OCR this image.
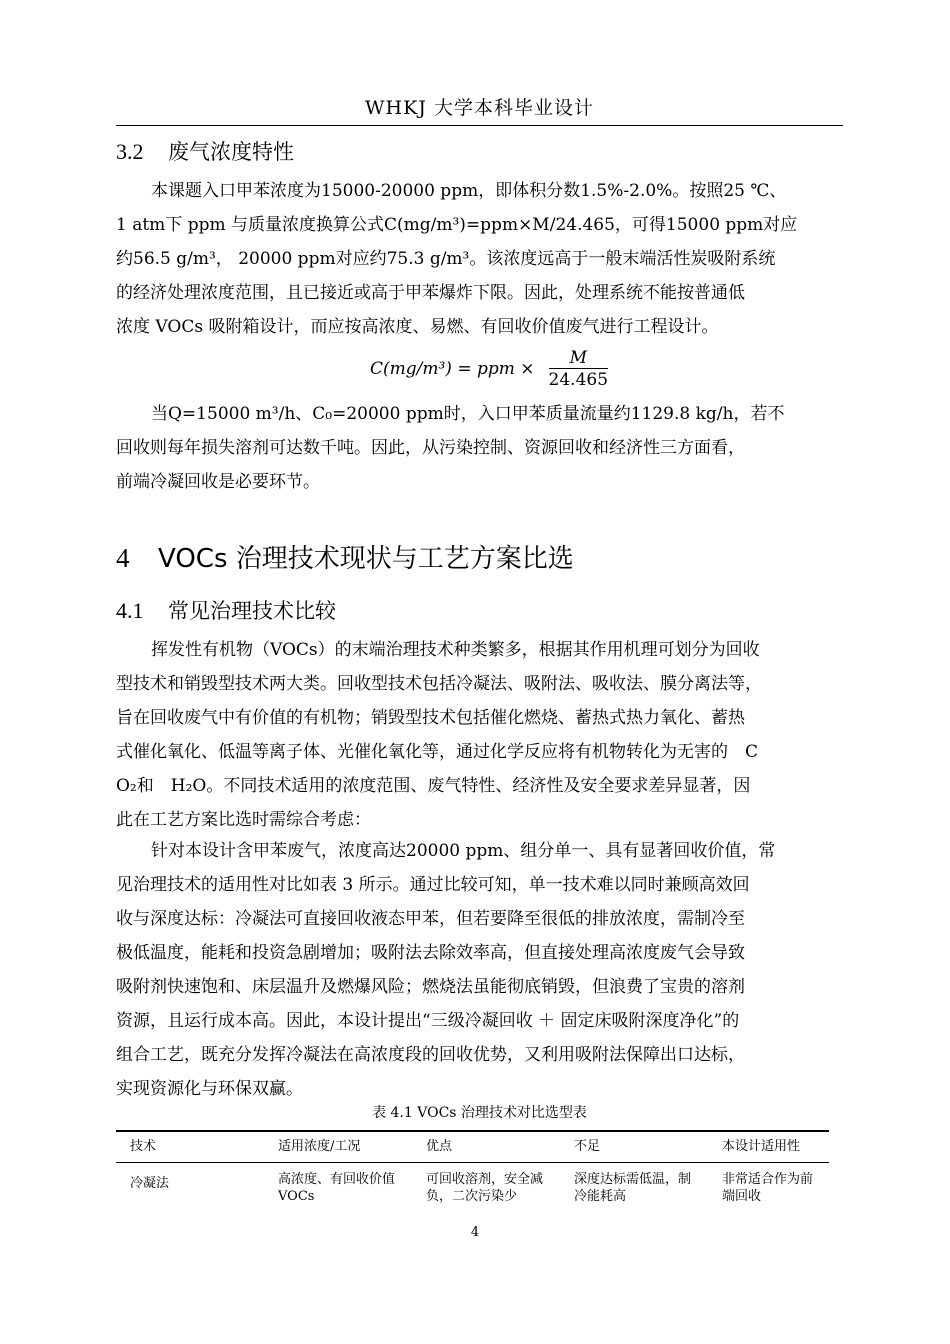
WHKJ 大学本科毕业设计
3.2 废气浓度特性
本课题入口甲苯浓度为15000-20000 ppm，即体积分数1.5%-2.0%。按照25 ℃、
1 atm下 ppm 与质量浓度换算公式C(mg/m³)=ppm×M/24.465，可得15000 ppm对应
约56.5 g/m³， 20000 ppm对应约75.3 g/m³。该浓度远高于一般末端活性炭吸附系统
的经济处理浓度范围，且已接近或高于甲苯爆炸下限。因此，处理系统不能按普通低
浓度 VOCs 吸附箱设计，而应按高浓度、易燃、有回收价值废气进行工程设计。
C(mg/m³) = ppm × $\frac{M}{24.465}$
当Q=15000 m³/h、C₀=20000 ppm时，入口甲苯质量流量约1129.8 kg/h，若不
回收则每年损失溶剂可达数千吨。因此，从污染控制、资源回收和经济性三方面看，
前端冷凝回收是必要环节。
4 VOCs 治理技术现状与工艺方案比选
4.1 常见治理技术比较
挥发性有机物（VOCs）的末端治理技术种类繁多，根据其作用机理可划分为回收
型技术和销毁型技术两大类。回收型技术包括冷凝法、吸附法、吸收法、膜分离法等，
旨在回收废气中有价值的有机物；销毁型技术包括催化燃烧、蓄热式热力氧化、蓄热
式催化氧化、低温等离子体、光催化氧化等，通过化学反应将有机物转化为无害的　C
O₂和　H₂O。不同技术适用的浓度范围、废气特性、经济性及安全要求差异显著，因
此在工艺方案比选时需综合考虑：
针对本设计含甲苯废气，浓度高达20000 ppm、组分单一、具有显著回收价值，常
见治理技术的适用性对比如表 3 所示。通过比较可知，单一技术难以同时兼顾高效回
收与深度达标：冷凝法可直接回收液态甲苯，但若要降至很低的排放浓度，需制冷至
极低温度，能耗和投资急剧增加；吸附法去除效率高，但直接处理高浓度废气会导致
吸附剂快速饱和、床层温升及燃爆风险；燃烧法虽能彻底销毁，但浪费了宝贵的溶剂
资源，且运行成本高。因此，本设计提出“三级冷凝回收 ＋ 固定床吸附深度净化”的
组合工艺，既充分发挥冷凝法在高浓度段的回收优势，又利用吸附法保障出口达标，
实现资源化与环保双赢。
表 4.1 VOCs 治理技术对比选型表
技术	适用浓度/工况	优点	不足	本设计适用性
冷凝法	高浓度、有回收价值 VOCs	可回收溶剂，安全减负，二次污染少	深度达标需低温，制冷能耗高	非常适合作为前端回收
4
